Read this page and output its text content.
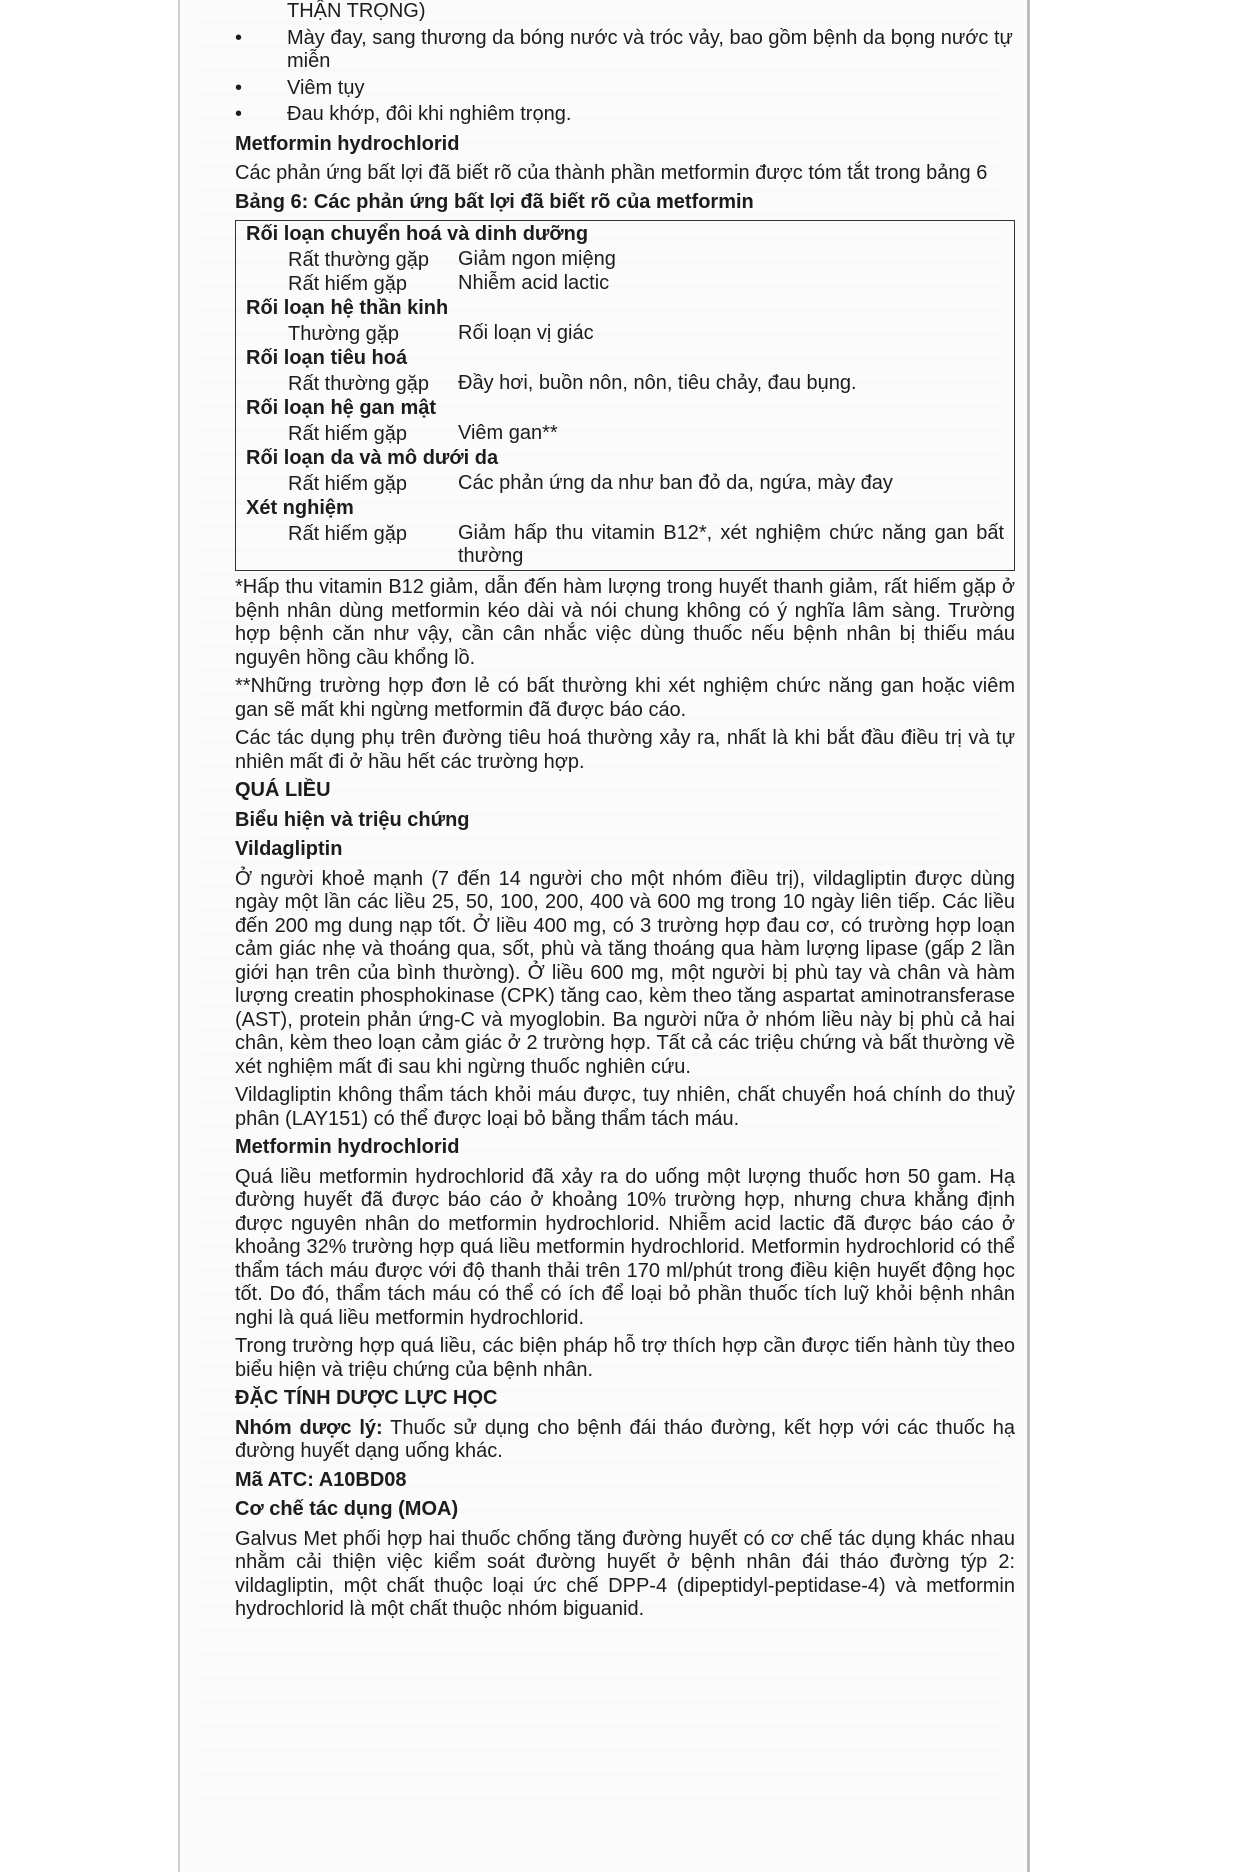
THẬN TRỌNG)
• Mày đay, sang thương da bóng nước và tróc vảy, bao gồm bệnh da bọng nước tự miễn
• Viêm tụy
• Đau khớp, đôi khi nghiêm trọng.
Metformin hydrochlorid
Các phản ứng bất lợi đã biết rõ của thành phần metformin được tóm tắt trong bảng 6
Bảng 6: Các phản ứng bất lợi đã biết rõ của metformin
Rối loạn chuyển hoá và dinh dưỡng
Rất thường gặp	Giảm ngon miệng
Rất hiếm gặp	Nhiễm acid lactic
Rối loạn hệ thần kinh
Thường gặp	Rối loạn vị giác
Rối loạn tiêu hoá
Rất thường gặp	Đầy hơi, buồn nôn, nôn, tiêu chảy, đau bụng.
Rối loạn hệ gan mật
Rất hiếm gặp	Viêm gan**
Rối loạn da và mô dưới da
Rất hiếm gặp	Các phản ứng da như ban đỏ da, ngứa, mày đay
Xét nghiệm
Rất hiếm gặp	Giảm hấp thu vitamin B12*, xét nghiệm chức năng gan bất thường
*Hấp thu vitamin B12 giảm, dẫn đến hàm lượng trong huyết thanh giảm, rất hiếm gặp ở bệnh nhân dùng metformin kéo dài và nói chung không có ý nghĩa lâm sàng. Trường hợp bệnh căn như vậy, cần cân nhắc việc dùng thuốc nếu bệnh nhân bị thiếu máu nguyên hồng cầu khổng lồ.
**Những trường hợp đơn lẻ có bất thường khi xét nghiệm chức năng gan hoặc viêm gan sẽ mất khi ngừng metformin đã được báo cáo.
Các tác dụng phụ trên đường tiêu hoá thường xảy ra, nhất là khi bắt đầu điều trị và tự nhiên mất đi ở hầu hết các trường hợp.
QUÁ LIỀU
Biểu hiện và triệu chứng
Vildagliptin
Ở người khoẻ mạnh (7 đến 14 người cho một nhóm điều trị), vildagliptin được dùng ngày một lần các liều 25, 50, 100, 200, 400 và 600 mg trong 10 ngày liên tiếp. Các liều đến 200 mg dung nạp tốt. Ở liều 400 mg, có 3 trường hợp đau cơ, có trường hợp loạn cảm giác nhẹ và thoáng qua, sốt, phù và tăng thoáng qua hàm lượng lipase (gấp 2 lần giới hạn trên của bình thường). Ở liều 600 mg, một người bị phù tay và chân và hàm lượng creatin phosphokinase (CPK) tăng cao, kèm theo tăng aspartat aminotransferase (AST), protein phản ứng-C và myoglobin. Ba người nữa ở nhóm liều này bị phù cả hai chân, kèm theo loạn cảm giác ở 2 trường hợp. Tất cả các triệu chứng và bất thường về xét nghiệm mất đi sau khi ngừng thuốc nghiên cứu.
Vildagliptin không thẩm tách khỏi máu được, tuy nhiên, chất chuyển hoá chính do thuỷ phân (LAY151) có thể được loại bỏ bằng thẩm tách máu.
Metformin hydrochlorid
Quá liều metformin hydrochlorid đã xảy ra do uống một lượng thuốc hơn 50 gam. Hạ đường huyết đã được báo cáo ở khoảng 10% trường hợp, nhưng chưa khẳng định được nguyên nhân do metformin hydrochlorid. Nhiễm acid lactic đã được báo cáo ở khoảng 32% trường hợp quá liều metformin hydrochlorid. Metformin hydrochlorid có thể thẩm tách máu được với độ thanh thải trên 170 ml/phút trong điều kiện huyết động học tốt. Do đó, thẩm tách máu có thể có ích để loại bỏ phần thuốc tích luỹ khỏi bệnh nhân nghi là quá liều metformin hydrochlorid.
Trong trường hợp quá liều, các biện pháp hỗ trợ thích hợp cần được tiến hành tùy theo biểu hiện và triệu chứng của bệnh nhân.
ĐẶC TÍNH DƯỢC LỰC HỌC
Nhóm dược lý: Thuốc sử dụng cho bệnh đái tháo đường, kết hợp với các thuốc hạ đường huyết dạng uống khác.
Mã ATC: A10BD08
Cơ chế tác dụng (MOA)
Galvus Met phối hợp hai thuốc chống tăng đường huyết có cơ chế tác dụng khác nhau nhằm cải thiện việc kiểm soát đường huyết ở bệnh nhân đái tháo đường týp 2: vildagliptin, một chất thuộc loại ức chế DPP-4 (dipeptidyl-peptidase-4) và metformin hydrochlorid là một chất thuộc nhóm biguanid.
